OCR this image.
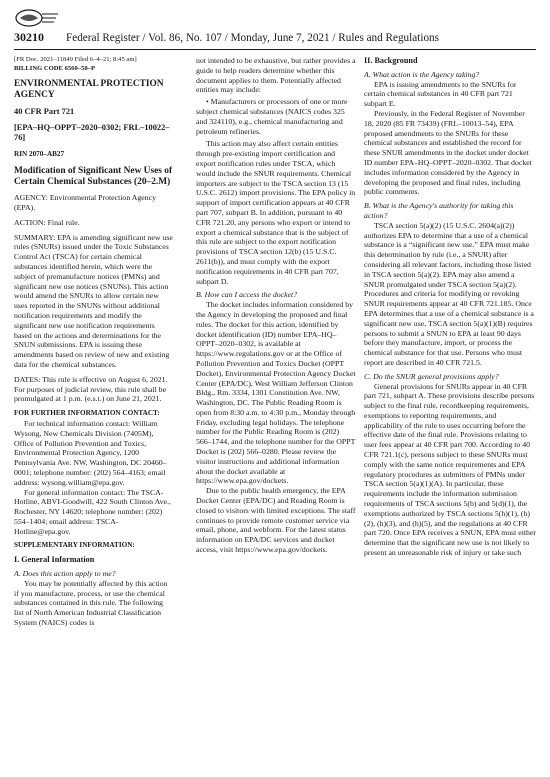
30210 Federal Register / Vol. 86, No. 107 / Monday, June 7, 2021 / Rules and Regulations

[FR Doc. 2021–11849 Filed 6–4–21; 8:45 am]

BILLING CODE 6560–50–P

ENVIRONMENTAL PROTECTION AGENCY

40 CFR Part 721

[EPA–HQ–OPPT–2020–0302; FRL–10022–76]

RIN 2070–AB27

Modification of Significant New Uses of Certain Chemical Substances (20–2.M)

AGENCY: Environmental Protection Agency (EPA).

ACTION: Final rule.

SUMMARY: EPA is amending significant new use rules (SNURs) issued under the Toxic Substances Control Act (TSCA) for certain chemical substances identified herein, which were the subject of premanufacture notices (PMNs) and significant new use notices (SNUNs). This action would amend the SNURs to allow certain new uses reported in the SNUNs without additional notification requirements and modify the significant new use notification requirements based on the actions and determinations for the SNUN submissions. EPA is issuing these amendments based on review of new and existing data for the chemical substances.

DATES: This rule is effective on August 6, 2021. For purposes of judicial review, this rule shall be promulgated at 1 p.m. (e.s.t.) on June 21, 2021.

FOR FURTHER INFORMATION CONTACT:

For technical information contact: William Wysong, New Chemicals Division (7405M), Office of Pollution Prevention and Toxics, Environmental Protection Agency, 1200 Pennsylvania Ave. NW, Washington, DC 20460–0001; telephone number: (202) 564–4163; email address: wysong.william@epa.gov.

For general information contact: The TSCA-Hotline, ABVI-Goodwill, 422 South Clinton Ave., Rochester, NY 14620; telephone number: (202) 554–1404; email address: TSCA-Hotline@epa.gov.

SUPPLEMENTARY INFORMATION:

I. General Information

A. Does this action apply to me?

You may be potentially affected by this action if you manufacture, process, or use the chemical substances contained in this rule. The following list of North American Industrial Classification System (NAICS) codes is

not intended to be exhaustive, but rather provides a guide to help readers determine whether this document applies to them. Potentially affected entities may include:

• Manufacturers or processors of one or more subject chemical substances (NAICS codes 325 and 324110), e.g., chemical manufacturing and petroleum refineries.

This action may also affect certain entities through pre-existing import certification and export notification rules under TSCA, which would include the SNUR requirements. Chemical importers are subject to the TSCA section 13 (15 U.S.C. 2612) import provisions. The EPA policy in support of import certification appears at 40 CFR part 707, subpart B. In addition, pursuant to 40 CFR 721.20, any persons who export or intend to export a chemical substance that is the subject of this rule are subject to the export notification provisions of TSCA section 12(b) (15 U.S.C. 2611(b)), and must comply with the export notification requirements in 40 CFR part 707, subpart D.

B. How can I access the docket?

The docket includes information considered by the Agency in developing the proposed and final rules. The docket for this action, identified by docket identification (ID) number EPA–HQ–OPPT–2020–0302, is available at https://www.regulations.gov or at the Office of Pollution Prevention and Toxics Docket (OPPT Docket), Environmental Protection Agency Docket Center (EPA/DC), West William Jefferson Clinton Bldg., Rm. 3334, 1301 Constitution Ave. NW, Washington, DC. The Public Reading Room is open from 8:30 a.m. to 4:30 p.m., Monday through Friday, excluding legal holidays. The telephone number for the Public Reading Room is (202) 566–1744, and the telephone number for the OPPT Docket is (202) 566–0280. Please review the visitor instructions and additional information about the docket available at https://www.epa.gov/dockets.

Due to the public health emergency, the EPA Docket Center (EPA/DC) and Reading Room is closed to visitors with limited exceptions. The staff continues to provide remote customer service via email, phone, and webform. For the latest status information on EPA/DC services and docket access, visit https://www.epa.gov/dockets.

II. Background

A. What action is the Agency taking?

EPA is issuing amendments to the SNURs for certain chemical substances in 40 CFR part 721 subpart E.

Previously, in the Federal Register of November 18, 2020 (85 FR 73439) (FRL–10013–54), EPA proposed amendments to the SNURs for these chemical substances and established the record for these SNUR amendments in the docket under docket ID number EPA–HQ–OPPT–2020–0302. That docket includes information considered by the Agency in developing the proposed and final rules, including public comments.

B. What is the Agency's authority for taking this action?

TSCA section 5(a)(2) (15 U.S.C. 2604(a)(2)) authorizes EPA to determine that a use of a chemical substance is a “significant new use.” EPA must make this determination by rule (i.e., a SNUR) after considering all relevant factors, including those listed in TSCA section 5(a)(2). EPA may also amend a SNUR promulgated under TSCA section 5(a)(2). Procedures and criteria for modifying or revoking SNUR requirements appear at 40 CFR 721.185. Once EPA determines that a use of a chemical substance is a significant new use, TSCA section 5(a)(1)(B) requires persons to submit a SNUN to EPA at least 90 days before they manufacture, import, or process the chemical substance for that use. Persons who must report are described in 40 CFR 721.5.

C. Do the SNUR general provisions apply?

General provisions for SNURs appear in 40 CFR part 721, subpart A. These provisions describe persons subject to the final rule, recordkeeping requirements, exemptions to reporting requirements, and applicability of the rule to uses occurring before the effective date of the final rule. Provisions relating to user fees appear at 40 CFR part 700. According to 40 CFR 721.1(c), persons subject to these SNURs must comply with the same notice requirements and EPA regulatory procedures as submitters of PMNs under TSCA section 5(a)(1)(A). In particular, these requirements include the information submission requirements of TSCA sections 5(b) and 5(d)(1), the exemptions authorized by TSCA sections 5(h)(1), (h)(2), (h)(3), and (h)(5), and the regulations at 40 CFR part 720. Once EPA receives a SNUN, EPA must either determine that the significant new use is not likely to present an unreasonable risk of injury or take such
